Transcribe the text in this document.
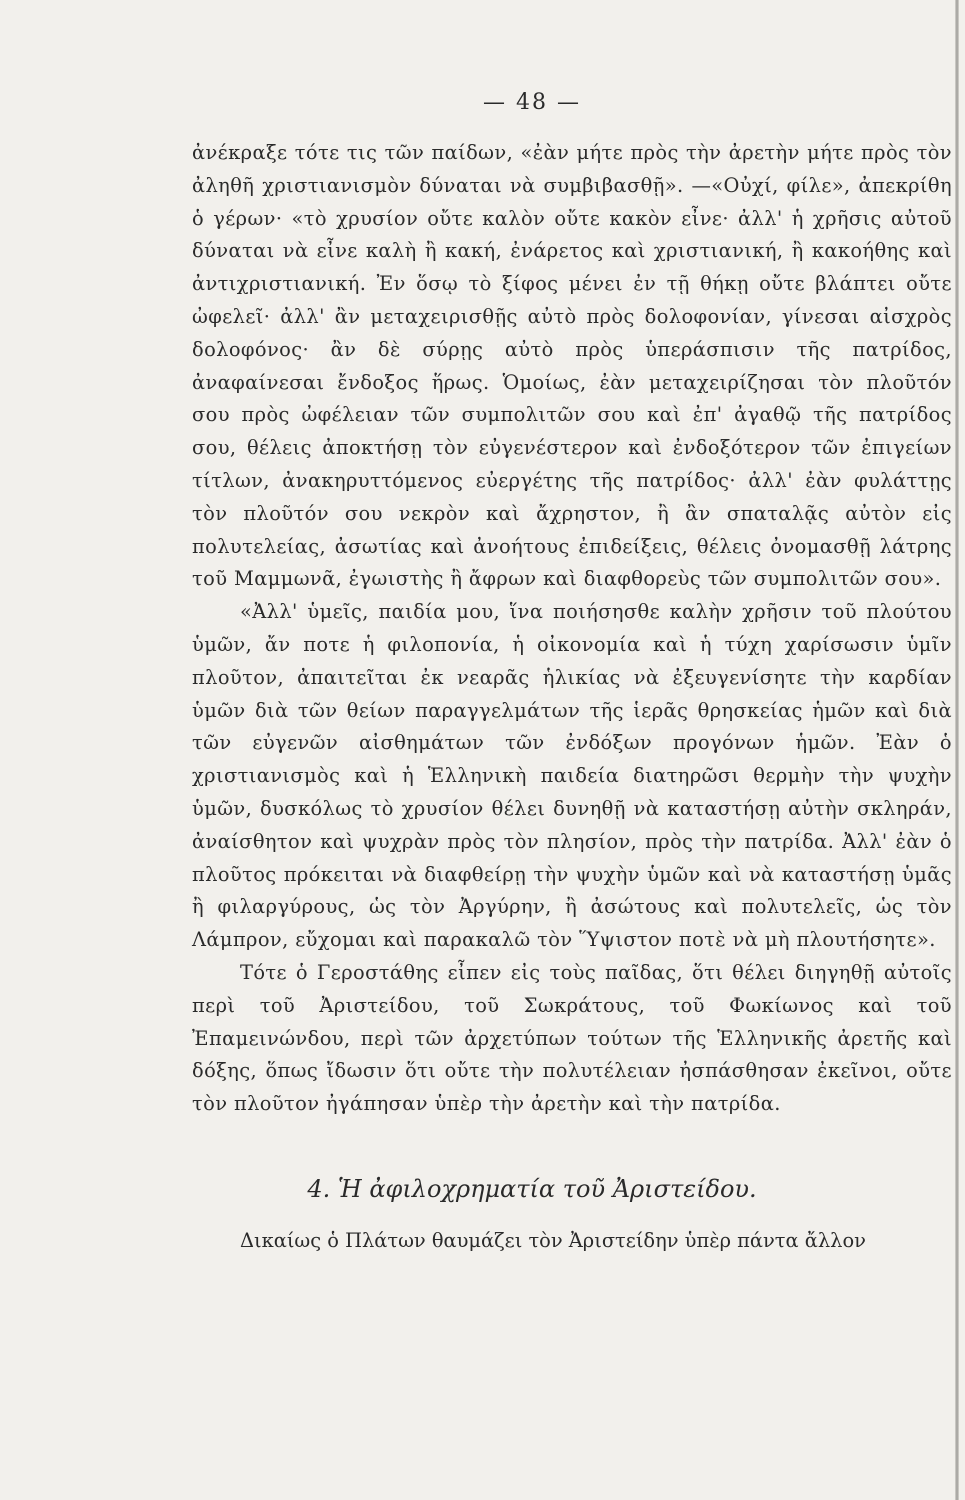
— 48 —

ἀνέκραξε τότε τις τῶν παίδων, «ἐὰν μήτε πρὸς τὴν ἀρετὴν μήτε πρὸς τὸν ἀληθῆ χριστιανισμὸν δύναται νὰ συμβιβασθῇ». —«Οὐχί, φίλε», ἀπεκρίθη ὁ γέρων· «τὸ χρυσίον οὔτε καλὸν οὔτε κακὸν εἶνε· ἀλλ' ἡ χρῆσις αὐτοῦ δύναται νὰ εἶνε καλὴ ἢ κακή, ἐνάρετος καὶ χριστιανική, ἢ κακοήθης καὶ ἀντιχριστιανική. Ἐν ὅσῳ τὸ ξίφος μένει ἐν τῇ θήκῃ οὔτε βλάπτει οὔτε ὠφελεῖ· ἀλλ' ἂν μεταχειρισθῇς αὐτὸ πρὸς δολοφονίαν, γίνεσαι αἰσχρὸς δολοφόνος· ἂν δὲ σύρῃς αὐτὸ πρὸς ὑπεράσπισιν τῆς πατρίδος, ἀναφαίνεσαι ἔνδοξος ἥρως. Ὁμοίως, ἐὰν μεταχειρίζησαι τὸν πλοῦτόν σου πρὸς ὠφέλειαν τῶν συμπολιτῶν σου καὶ ἐπ' ἀγαθῷ τῆς πατρίδος σου, θέλεις ἀποκτήσῃ τὸν εὐγενέστερον καὶ ἐνδοξότερον τῶν ἐπιγείων τίτλων, ἀνακηρυττόμενος εὐεργέτης τῆς πατρίδος· ἀλλ' ἐὰν φυλάττῃς τὸν πλοῦτόν σου νεκρὸν καὶ ἄχρηστον, ἢ ἂν σπαταλᾷς αὐτὸν εἰς πολυτελείας, ἀσωτίας καὶ ἀνοήτους ἐπιδείξεις, θέλεις ὀνομασθῇ λάτρης τοῦ Μαμμωνᾶ, ἐγωιστὴς ἢ ἄφρων καὶ διαφθορεὺς τῶν συμπολιτῶν σου».

«Ἀλλ' ὑμεῖς, παιδία μου, ἵνα ποιήσησθε καλὴν χρῆσιν τοῦ πλούτου ὑμῶν, ἄν ποτε ἡ φιλοπονία, ἡ οἰκονομία καὶ ἡ τύχη χαρίσωσιν ὑμῖν πλοῦτον, ἀπαιτεῖται ἐκ νεαρᾶς ἡλικίας νὰ ἐξευγενίσητε τὴν καρδίαν ὑμῶν διὰ τῶν θείων παραγγελμάτων τῆς ἱερᾶς θρησκείας ἡμῶν καὶ διὰ τῶν εὐγενῶν αἰσθημάτων τῶν ἐνδόξων προγόνων ἡμῶν. Ἐὰν ὁ χριστιανισμὸς καὶ ἡ Ἑλληνικὴ παιδεία διατηρῶσι θερμὴν τὴν ψυχὴν ὑμῶν, δυσκόλως τὸ χρυσίον θέλει δυνηθῇ νὰ καταστήσῃ αὐτὴν σκληράν, ἀναίσθητον καὶ ψυχρὰν πρὸς τὸν πλησίον, πρὸς τὴν πατρίδα. Ἀλλ' ἐὰν ὁ πλοῦτος πρόκειται νὰ διαφθείρῃ τὴν ψυχὴν ὑμῶν καὶ νὰ καταστήσῃ ὑμᾶς ἢ φιλαργύρους, ὡς τὸν Ἀργύρην, ἢ ἀσώτους καὶ πολυτελεῖς, ὡς τὸν Λάμπρον, εὔχομαι καὶ παρακαλῶ τὸν Ὕψιστον ποτὲ νὰ μὴ πλουτήσητε».

Τότε ὁ Γεροστάθης εἶπεν εἰς τοὺς παῖδας, ὅτι θέλει διηγηθῇ αὐτοῖς περὶ τοῦ Ἀριστείδου, τοῦ Σωκράτους, τοῦ Φωκίωνος καὶ τοῦ Ἐπαμεινώνδου, περὶ τῶν ἀρχετύπων τούτων τῆς Ἑλληνικῆς ἀρετῆς καὶ δόξης, ὅπως ἴδωσιν ὅτι οὔτε τὴν πολυτέλειαν ἠσπάσθησαν ἐκεῖνοι, οὔτε τὸν πλοῦτον ἠγάπησαν ὑπὲρ τὴν ἀρετὴν καὶ τὴν πατρίδα.

4. Ἡ ἀφιλοχρηματία τοῦ Ἀριστείδου.
Δικαίως ὁ Πλάτων θαυμάζει τὸν Ἀριστείδην ὑπὲρ πάντα ἄλλον
